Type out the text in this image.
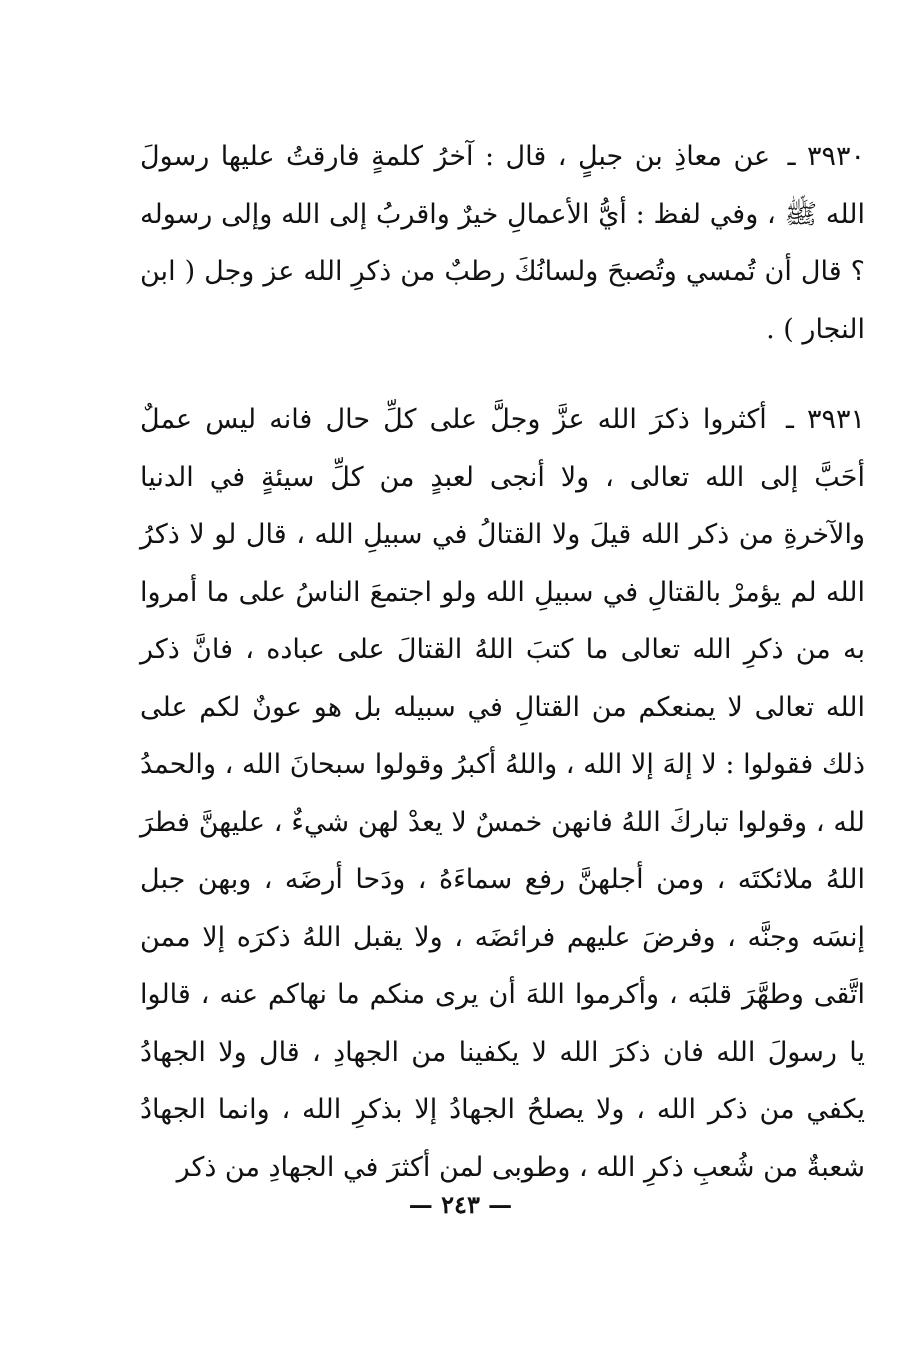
٣٩٣٠ ـ عن معاذِ بن جبلٍ ، قال : آخرُ كلمةٍ فارقتُ عليها رسولَ الله ﷺ ، وفي لفظ : أيُّ الأعمالِ خيرٌ واقربُ إلى الله وإلى رسوله ؟ قال أن تُمسي وتُصبحَ ولسانُكَ رطبٌ من ذكرِ الله عز وجل ( ابن النجار ) .

٣٩٣١ ـ أكثروا ذكرَ الله عزَّ وجلَّ على كلِّ حال فانه ليس عملٌ أحَبَّ إلى الله تعالى ، ولا أنجى لعبدٍ من كلِّ سيئةٍ في الدنيا والآخرةِ من ذكر الله قيلَ ولا القتالُ في سبيلِ الله ، قال لو لا ذكرُ الله لم يؤمرْ بالقتالِ في سبيلِ الله ولو اجتمعَ الناسُ على ما أمروا به من ذكرِ الله تعالى ما كتبَ اللهُ القتالَ على عباده ، فانَّ ذكر الله تعالى لا يمنعكم من القتالِ في سبيله بل هو عونٌ لكم على ذلك فقولوا : لا إلهَ إلا الله ، واللهُ أكبرُ وقولوا سبحانَ الله ، والحمدُ لله ، وقولوا تباركَ اللهُ فانهن خمسٌ لا يعدْ لهن شيءٌ ، عليهنَّ فطرَ اللهُ ملائكتَه ، ومن أجلهنَّ رفع سماءَهُ ، ودَحا أرضَه ، وبهن جبل إنسَه وجنَّه ، وفرضَ عليهم فرائضَه ، ولا يقبل اللهُ ذكرَه إلا ممن اتَّقى وطهَّرَ قلبَه ، وأكرموا اللهَ أن يرى منكم ما نهاكم عنه ، قالوا يا رسولَ الله فان ذكرَ الله لا يكفينا من الجهادِ ، قال ولا الجهادُ يكفي من ذكر الله ، ولا يصلحُ الجهادُ إلا بذكرِ الله ، وانما الجهادُ شعبةٌ من شُعبِ ذكرِ الله ، وطوبى لمن أكثرَ في الجهادِ من ذكر

— ٢٤٣ —
